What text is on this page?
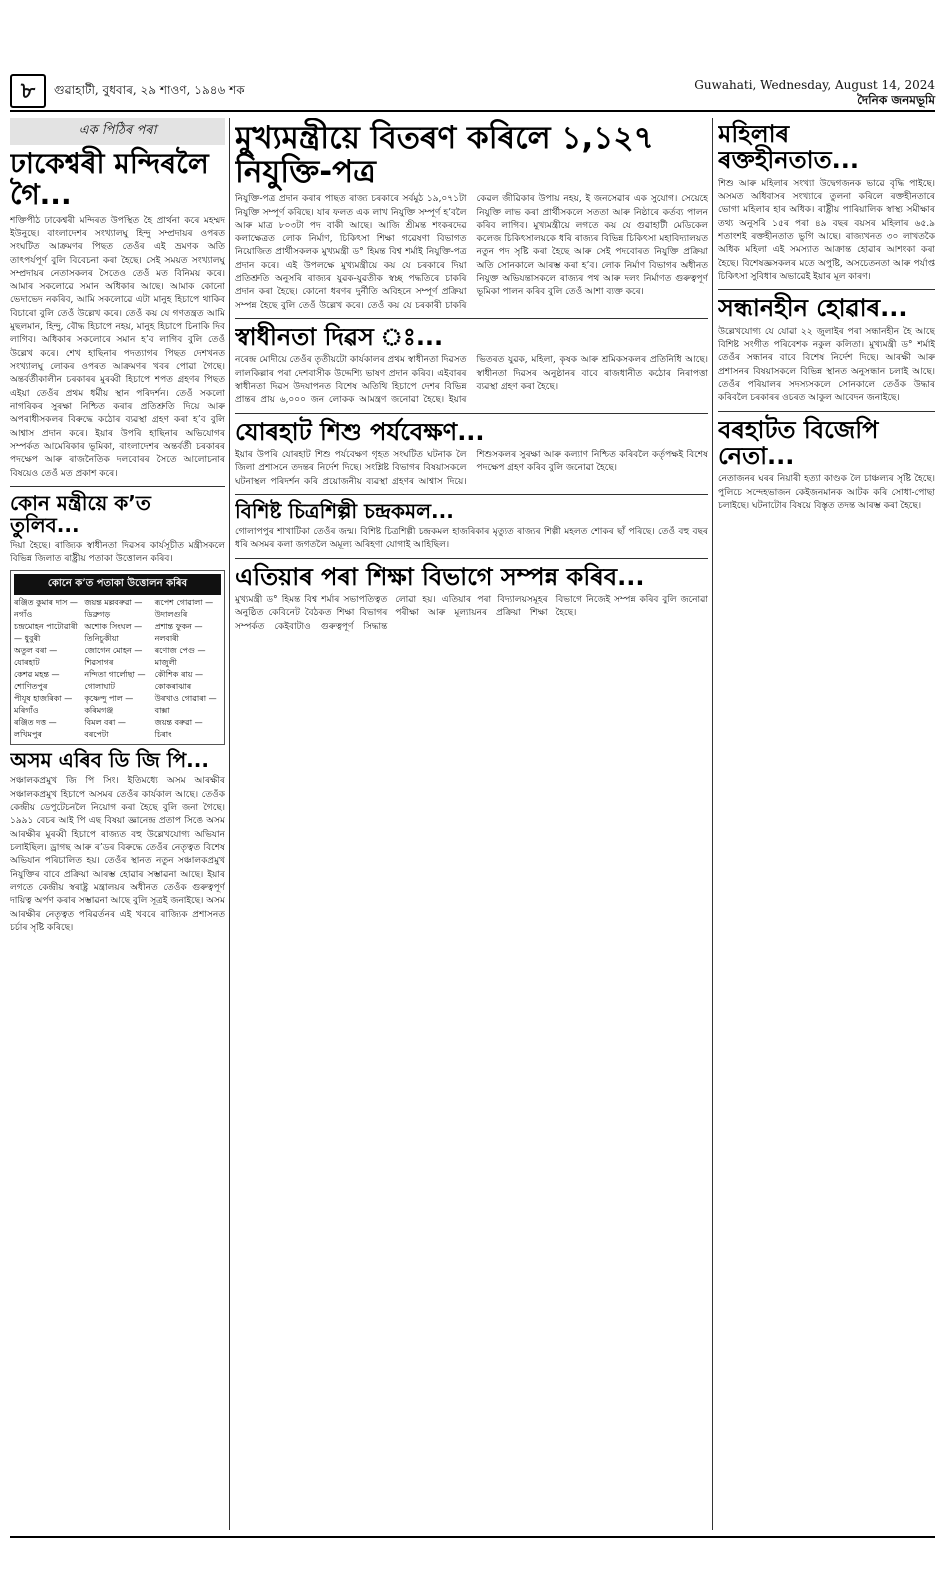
৮	গুৱাহাটী, বুধবাৰ, ২৯ শাওণ, ১৯৪৬ শক	Guwahati, Wednesday, August 14, 2024
দৈনিক জনমভূমি
এক পিঠিৰ পৰা
ঢাকেশ্বৰী মন্দিৰলৈ গৈ...

শক্তিপীঠ ঢাকেশ্বৰী মন্দিৰত উপস্থিত হৈ প্ৰাৰ্থনা কৰে মহম্মদ ইউনুছে। বাংলাদেশৰ সংখ্যালঘু হিন্দু সম্প্ৰদায়ৰ ওপৰত সংঘটিত আক্ৰমণৰ পিছত তেওঁৰ এই ভ্ৰমণক অতি তাৎপৰ্যপূৰ্ণ বুলি বিবেচনা কৰা হৈছে। সেই সময়ত সংখ্যালঘু সম্প্ৰদায়ৰ নেতাসকলৰ সৈতেও তেওঁ মত বিনিময় কৰে। আমাৰ সকলোৱে সমান অধিকাৰ আছে। আমাক কোনো ভেদাভেদ নকৰিব, আমি সকলোৱে এটা মানুহ হিচাপে থাকিব বিচাৰো বুলি তেওঁ উল্লেখ কৰে। তেওঁ কয় যে গণতন্ত্ৰত আমি মুছলমান, হিন্দু, বৌদ্ধ হিচাপে নহয়, মানুহ হিচাপে চিনাকি দিব লাগিব। অধিকাৰ সকলোৰে সমান হ’ব লাগিব বুলি তেওঁ উল্লেখ কৰে। শেখ হাছিনাৰ পদত্যাগৰ পিছত দেশখনত সংখ্যালঘু লোকৰ ওপৰত আক্ৰমণৰ খবৰ পোৱা গৈছে। অন্তৰ্বৰ্তীকালীন চৰকাৰৰ মুৰব্বী হিচাপে শপত গ্ৰহণৰ পিছত এইয়া তেওঁৰ প্ৰথম ধৰ্মীয় স্থান পৰিদৰ্শন। তেওঁ সকলো নাগৰিকৰ সুৰক্ষা নিশ্চিত কৰাৰ প্ৰতিশ্ৰুতি দিয়ে আৰু অপৰাধীসকলৰ বিৰুদ্ধে কঠোৰ ব্যৱস্থা গ্ৰহণ কৰা হ’ব বুলি আশ্বাস প্ৰদান কৰে। ইয়াৰ উপৰি হাছিনাৰ অভিযোগৰ সম্পৰ্কত আমেৰিকাৰ ভূমিকা, বাংলাদেশৰ অন্তৰ্বৰ্তী চৰকাৰৰ পদক্ষেপ আৰু ৰাজনৈতিক দলবোৰৰ সৈতে আলোচনাৰ বিষয়েও তেওঁ মত প্ৰকাশ কৰে।

কোন মন্ত্ৰীয়ে ক’ত তুলিব...

দিয়া হৈছে। ৰাজ্যিক স্বাধীনতা দিৱসৰ কাৰ্যসূচীত মন্ত্ৰীসকলে বিভিন্ন জিলাত ৰাষ্ট্ৰীয় পতাকা উত্তোলন কৰিব।

কোনে ক’ত পতাকা উত্তোলন কৰিব
ৰঞ্জিত কুমাৰ দাস — নগাঁও
চন্দ্ৰমোহন পাটোৱাৰী — ধুবুৰী
অতুল বৰা — যোৰহাট
কেশৱ মহন্ত — শোণিতপুৰ
পীযূষ হাজৰিকা — মৰিগাঁও
ৰঞ্জিত দত্ত — লখিমপুৰ
জয়ন্ত মল্লবৰুৱা — ডিব্ৰুগড়
অশোক সিংঘল — তিনিচুকীয়া
জোগেন মোহন — শিৱসাগৰ
নন্দিতা গাৰ্লোছা — গোলাঘাট
কৃষ্ণেন্দু পাল — কৰিমগঞ্জ
বিমল বৰা — বৰপেটা
ৰূপেশ গোৱালা — উদালগুৰি
প্ৰশান্ত ফুকন — নলবাৰী
ৰণোজ পেগু — মাজুলী
কৌশিক ৰায় — কোকৰাঝাৰ
উৰখাও গোৱাৰা — বাক্সা
জয়ন্ত বৰুৱা — চিৰাং
অসম এৰিব ডি জি পি...

সঞ্চালকপ্ৰমুখ জি পি সিং। ইতিমধ্যে অসম আৰক্ষীৰ সঞ্চালকপ্ৰমুখ হিচাপে অসমৰ তেওঁৰ কাৰ্যকাল আছে। তেওঁক কেন্দ্ৰীয় ডেপুটেচনলৈ নিয়োগ কৰা হৈছে বুলি জনা গৈছে। ১৯৯১ বেচৰ আই পি এছ বিষয়া জ্ঞানেন্দ্ৰ প্ৰতাপ সিঙে অসম আৰক্ষীৰ মুৰব্বী হিচাপে ৰাজ্যত বহু উল্লেখযোগ্য অভিযান চলাইছিল। ড্ৰাগছ আৰু ৰ’ডৰ বিৰুদ্ধে তেওঁৰ নেতৃত্বত বিশেষ অভিযান পৰিচালিত হয়। তেওঁৰ স্থানত নতুন সঞ্চালকপ্ৰমুখ নিযুক্তিৰ বাবে প্ৰক্ৰিয়া আৰম্ভ হোৱাৰ সম্ভাৱনা আছে। ইয়াৰ লগতে কেন্দ্ৰীয় স্বৰাষ্ট্ৰ মন্ত্ৰালয়ৰ অধীনত তেওঁক গুৰুত্বপূৰ্ণ দায়িত্ব অৰ্পণ কৰাৰ সম্ভাৱনা আছে বুলি সূত্ৰই জনাইছে। অসম আৰক্ষীৰ নেতৃত্বত পৰিৱৰ্তনৰ এই খবৰে ৰাজ্যিক প্ৰশাসনত চৰ্চাৰ সৃষ্টি কৰিছে।

মুখ্যমন্ত্ৰীয়ে বিতৰণ কৰিলে ১,১২৭ নিযুক্তি-পত্ৰ

নিযুক্তি-পত্ৰ প্ৰদান কৰাৰ পাছত ৰাজ্য চৰকাৰে সৰ্বমুঠ ১৯,০৭১টা নিযুক্তি সম্পূৰ্ণ কৰিছে। যাৰ ফলত এক লাখ নিযুক্তি সম্পূৰ্ণ হ’বলৈ আৰু মাত্ৰ ৮০৩টা পদ বাকী আছে। আজি শ্ৰীমন্ত শংকৰদেৱ কলাক্ষেত্ৰত লোক নিৰ্মাণ, চিকিৎসা শিক্ষা গৱেষণা বিভাগত নিয়োজিত প্ৰাৰ্থীসকলক মুখ্যমন্ত্ৰী ড° হিমন্ত বিশ্ব শৰ্মাই নিযুক্তি-পত্ৰ প্ৰদান কৰে। এই উপলক্ষে মুখ্যমন্ত্ৰীয়ে কয় যে চৰকাৰে দিয়া প্ৰতিশ্ৰুতি অনুসৰি ৰাজ্যৰ যুৱক-যুৱতীক স্বচ্ছ পদ্ধতিৰে চাকৰি প্ৰদান কৰা হৈছে। কোনো ধৰণৰ দুৰ্নীতি অবিহনে সম্পূৰ্ণ প্ৰক্ৰিয়া সম্পন্ন হৈছে বুলি তেওঁ উল্লেখ কৰে। তেওঁ কয় যে চৰকাৰী চাকৰি কেৱল জীৱিকাৰ উপায় নহয়, ই জনসেৱাৰ এক সুযোগ। সেয়েহে নিযুক্তি লাভ কৰা প্ৰাৰ্থীসকলে সততা আৰু নিষ্ঠাৰে কৰ্তব্য পালন কৰিব লাগিব। মুখ্যমন্ত্ৰীয়ে লগতে কয় যে গুৱাহাটী মেডিকেল কলেজ চিকিৎসালয়কে ধৰি ৰাজ্যৰ বিভিন্ন চিকিৎসা মহাবিদ্যালয়ত নতুন পদ সৃষ্টি কৰা হৈছে আৰু সেই পদবোৰত নিযুক্তি প্ৰক্ৰিয়া অতি সোনকালে আৰম্ভ কৰা হ’ব। লোক নিৰ্মাণ বিভাগৰ অধীনত নিযুক্ত অভিযন্তাসকলে ৰাজ্যৰ পথ আৰু দলং নিৰ্মাণত গুৰুত্বপূৰ্ণ ভূমিকা পালন কৰিব বুলি তেওঁ আশা ব্যক্ত কৰে।

স্বাধীনতা দিৱস ঃ...

নৰেন্দ্ৰ মোদীয়ে তেওঁৰ তৃতীয়টো কাৰ্যকালৰ প্ৰথম স্বাধীনতা দিৱসত লালকিল্লাৰ পৰা দেশবাসীক উদ্দেশ্যি ভাষণ প্ৰদান কৰিব। এইবাৰৰ স্বাধীনতা দিৱস উদযাপনত বিশেষ অতিথি হিচাপে দেশৰ বিভিন্ন প্ৰান্তৰ প্ৰায় ৬,০০০ জন লোকক আমন্ত্ৰণ জনোৱা হৈছে। ইয়াৰ ভিতৰত যুৱক, মহিলা, কৃষক আৰু শ্ৰমিকসকলৰ প্ৰতিনিধি আছে। স্বাধীনতা দিৱসৰ অনুষ্ঠানৰ বাবে ৰাজধানীত কঠোৰ নিৰাপত্তা ব্যৱস্থা গ্ৰহণ কৰা হৈছে।

যোৰহাট শিশু পৰ্যবেক্ষণ...

ইয়াৰ উপৰি যোৰহাট শিশু পৰ্যবেক্ষণ গৃহত সংঘটিত ঘটনাক লৈ জিলা প্ৰশাসনে তদন্তৰ নিৰ্দেশ দিছে। সংশ্লিষ্ট বিভাগৰ বিষয়াসকলে ঘটনাস্থল পৰিদৰ্শন কৰি প্ৰয়োজনীয় ব্যৱস্থা গ্ৰহণৰ আশ্বাস দিয়ে। শিশুসকলৰ সুৰক্ষা আৰু কল্যাণ নিশ্চিত কৰিবলৈ কৰ্তৃপক্ষই বিশেষ পদক্ষেপ গ্ৰহণ কৰিব বুলি জনোৱা হৈছে।

বিশিষ্ট চিত্ৰশিল্পী চন্দ্ৰকমল...

গোলাপপুৰ শাখাটিকা তেওঁৰ জন্ম। বিশিষ্ট চিত্ৰশিল্পী চন্দ্ৰকমল হাজৰিকাৰ মৃত্যুত ৰাজ্যৰ শিল্পী মহলত শোকৰ ছাঁ পৰিছে। তেওঁ বহু বছৰ ধৰি অসমৰ কলা জগতলৈ অমূল্য অৰিহণা যোগাই আহিছিল।

এতিয়াৰ পৰা শিক্ষা বিভাগে সম্পন্ন কৰিব...

মুখ্যমন্ত্ৰী ড° হিমন্ত বিশ্ব শৰ্মাৰ সভাপতিত্বত অনুষ্ঠিত কেবিনেট বৈঠকত শিক্ষা বিভাগৰ সম্পৰ্কত কেইবাটাও গুৰুত্বপূৰ্ণ সিদ্ধান্ত লোৱা হয়। এতিয়াৰ পৰা বিদ্যালয়সমূহৰ পৰীক্ষা আৰু মূল্যায়নৰ প্ৰক্ৰিয়া শিক্ষা বিভাগে নিজেই সম্পন্ন কৰিব বুলি জনোৱা হৈছে।

মহিলাৰ ৰক্তহীনতাত...

শিশু আৰু মহিলাৰ সংখ্যা উদ্বেগজনক ভাৱে বৃদ্ধি পাইছে। অসমত অধিবাসৰ সংখ্যাৰে তুলনা কৰিলে ৰক্তহীনতাৰে ভোগা মহিলাৰ হাৰ অধিক। ৰাষ্ট্ৰীয় পাৰিয়ালিক স্বাস্থ্য সমীক্ষাৰ তথ্য অনুসৰি ১৫ৰ পৰা ৪৯ বছৰ বয়সৰ মহিলাৰ ৬৫.৯ শতাংশই ৰক্তহীনতাত ভুগি আছে। ৰাজ্যখনত ৩০ লাখতকৈ অধিক মহিলা এই সমস্যাত আক্ৰান্ত হোৱাৰ আশংকা কৰা হৈছে। বিশেষজ্ঞসকলৰ মতে অপুষ্টি, অসচেতনতা আৰু পৰ্যাপ্ত চিকিৎসা সুবিধাৰ অভাৱেই ইয়াৰ মূল কাৰণ।

সন্ধানহীন হোৱাৰ...

উল্লেখযোগ্য যে যোৱা ২২ জুলাইৰ পৰা সন্ধানহীন হৈ আছে বিশিষ্ট সংগীত পৰিবেশক নকুল কলিতা। মুখ্যমন্ত্ৰী ড° শৰ্মাই তেওঁৰ সন্ধানৰ বাবে বিশেষ নিৰ্দেশ দিছে। আৰক্ষী আৰু প্ৰশাসনৰ বিষয়াসকলে বিভিন্ন স্থানত অনুসন্ধান চলাই আছে। তেওঁৰ পৰিয়ালৰ সদস্যসকলে সোনকালে তেওঁক উদ্ধাৰ কৰিবলৈ চৰকাৰৰ ওচৰত আকুল আবেদন জনাইছে।

বৰহাটত বিজেপি নেতা...

নেতাজনৰ ঘৰৰ নিয়াৰী হত্যা কাণ্ডক লৈ চাঞ্চল্যৰ সৃষ্টি হৈছে। পুলিচে সন্দেহভাজন কেইজনমানক আটক কৰি সোধা-পোছা চলাইছে। ঘটনাটোৰ বিষয়ে বিস্তৃত তদন্ত আৰম্ভ কৰা হৈছে।
